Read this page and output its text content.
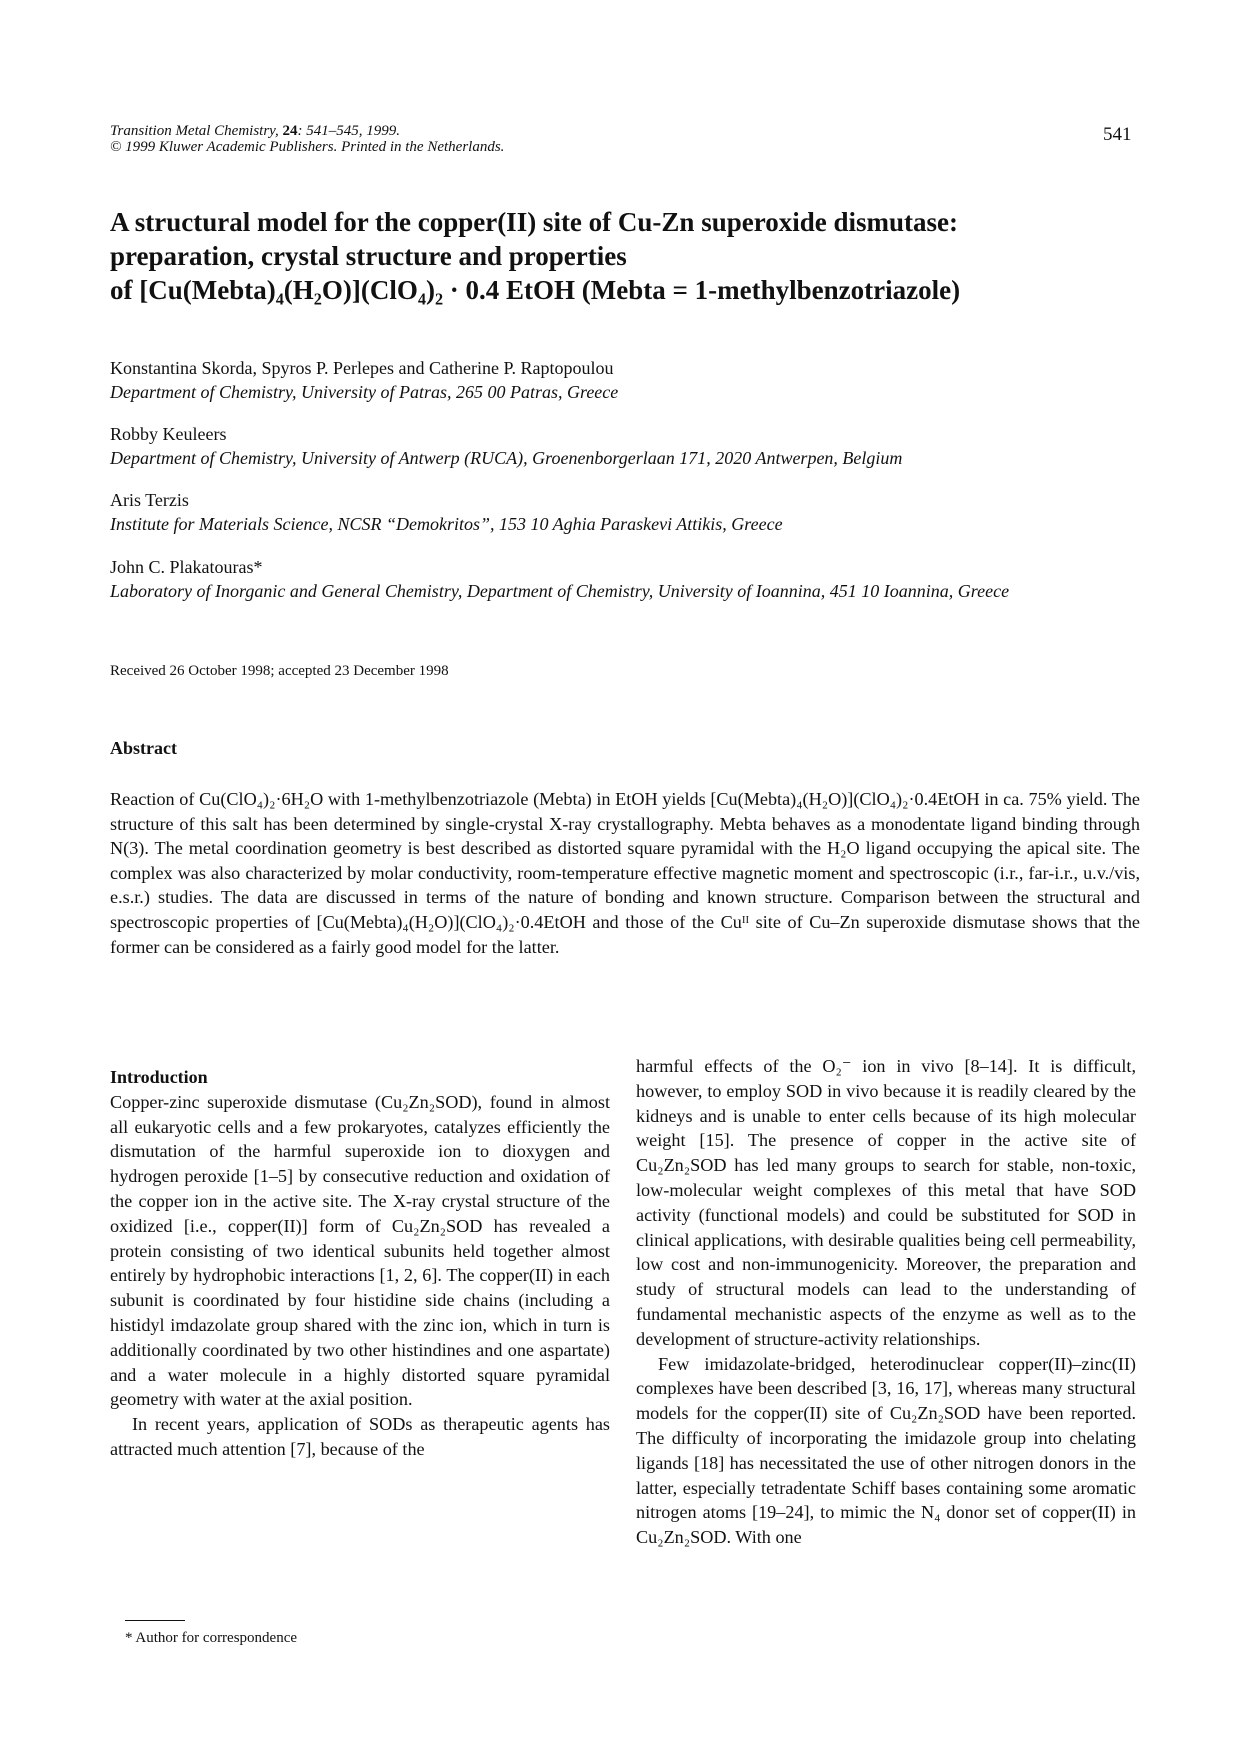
Transition Metal Chemistry, 24: 541–545, 1999.
© 1999 Kluwer Academic Publishers. Printed in the Netherlands.
541
A structural model for the copper(II) site of Cu-Zn superoxide dismutase:
preparation, crystal structure and properties
of [Cu(Mebta)₄(H₂O)](ClO₄)₂ · 0.4 EtOH (Mebta = 1-methylbenzotriazole)
Konstantina Skorda, Spyros P. Perlepes and Catherine P. Raptopoulou
Department of Chemistry, University of Patras, 265 00 Patras, Greece
Robby Keuleers
Department of Chemistry, University of Antwerp (RUCA), Groenenborgerlaan 171, 2020 Antwerpen, Belgium
Aris Terzis
Institute for Materials Science, NCSR “Demokritos”, 153 10 Aghia Paraskevi Attikis, Greece
John C. Plakatouras*
Laboratory of Inorganic and General Chemistry, Department of Chemistry, University of Ioannina, 451 10 Ioannina, Greece
Received 26 October 1998; accepted 23 December 1998
Abstract

Reaction of Cu(ClO₄)₂·6H₂O with 1-methylbenzotriazole (Mebta) in EtOH yields [Cu(Mebta)₄(H₂O)](ClO₄)₂·0.4EtOH in ca. 75% yield. The structure of this salt has been determined by single-crystal X-ray crystallography. Mebta behaves as a monodentate ligand binding through N(3). The metal coordination geometry is best described as distorted square pyramidal with the H₂O ligand occupying the apical site. The complex was also characterized by molar conductivity, room-temperature effective magnetic moment and spectroscopic (i.r., far-i.r., u.v./vis, e.s.r.) studies. The data are discussed in terms of the nature of bonding and known structure. Comparison between the structural and spectroscopic properties of [Cu(Mebta)₄(H₂O)](ClO₄)₂·0.4EtOH and those of the Cuᴵᴵ site of Cu–Zn superoxide dismutase shows that the former can be considered as a fairly good model for the latter.

Introduction

Copper-zinc superoxide dismutase (Cu₂Zn₂SOD), found in almost all eukaryotic cells and a few prokaryotes, catalyzes efficiently the dismutation of the harmful superoxide ion to dioxygen and hydrogen peroxide [1–5] by consecutive reduction and oxidation of the copper ion in the active site. The X-ray crystal structure of the oxidized [i.e., copper(II)] form of Cu₂Zn₂SOD has revealed a protein consisting of two identical subunits held together almost entirely by hydrophobic interactions [1, 2, 6]. The copper(II) in each subunit is coordinated by four histidine side chains (including a histidyl imdazolate group shared with the zinc ion, which in turn is additionally coordinated by two other histindines and one aspartate) and a water molecule in a highly distorted square pyramidal geometry with water at the axial position.

In recent years, application of SODs as therapeutic agents has attracted much attention [7], because of the

harmful effects of the O₂⁻ ion in vivo [8–14]. It is difficult, however, to employ SOD in vivo because it is readily cleared by the kidneys and is unable to enter cells because of its high molecular weight [15]. The presence of copper in the active site of Cu₂Zn₂SOD has led many groups to search for stable, non-toxic, low-molecular weight complexes of this metal that have SOD activity (functional models) and could be substituted for SOD in clinical applications, with desirable qualities being cell permeability, low cost and non-immunogenicity. Moreover, the preparation and study of structural models can lead to the understanding of fundamental mechanistic aspects of the enzyme as well as to the development of structure-activity relationships.

Few imidazolate-bridged, heterodinuclear copper(II)–zinc(II) complexes have been described [3, 16, 17], whereas many structural models for the copper(II) site of Cu₂Zn₂SOD have been reported. The difficulty of incorporating the imidazole group into chelating ligands [18] has necessitated the use of other nitrogen donors in the latter, especially tetradentate Schiff bases containing some aromatic nitrogen atoms [19–24], to mimic the N₄ donor set of copper(II) in Cu₂Zn₂SOD. With one

* Author for correspondence
